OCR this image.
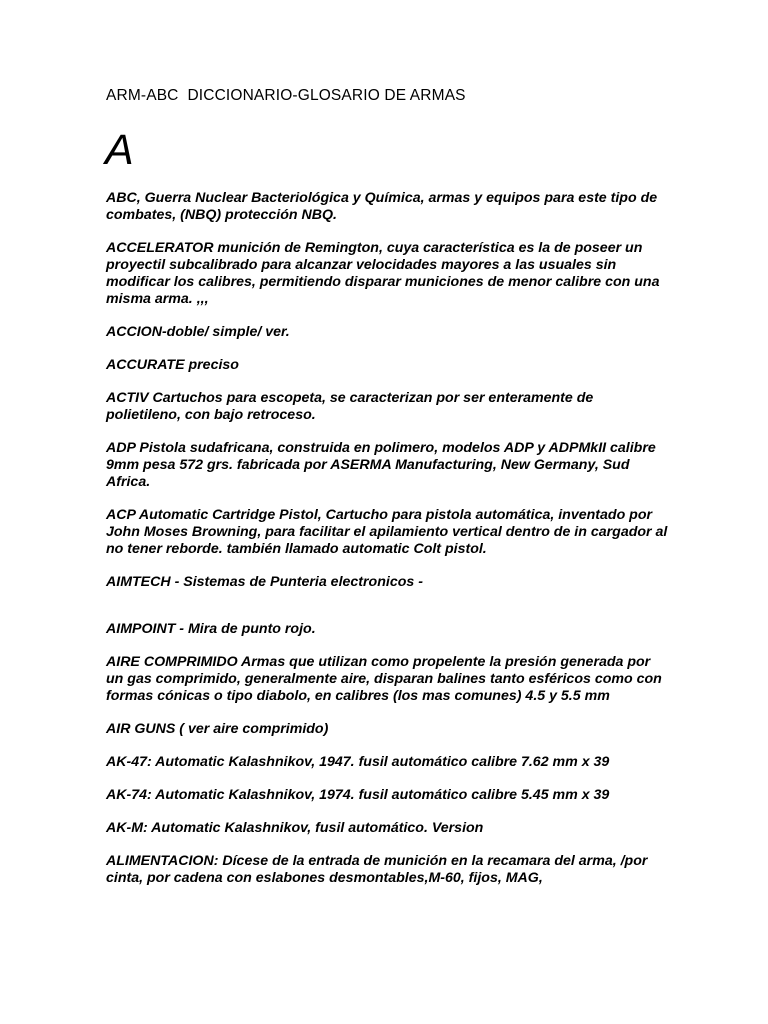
ARM-ABC  DICCIONARIO-GLOSARIO DE ARMAS
A

ABC, Guerra Nuclear Bacteriológica y Química, armas y equipos para este tipo de combates, (NBQ) protección NBQ.

ACCELERATOR munición de Remington, cuya característica es la de poseer un proyectil subcalibrado para alcanzar velocidades mayores a las usuales sin modificar los calibres, permitiendo disparar municiones de menor calibre con una misma arma. ,,,

ACCION-doble/ simple/ ver.

ACCURATE preciso

ACTIV Cartuchos para escopeta, se caracterizan por ser enteramente de polietileno, con bajo retroceso.

ADP Pistola sudafricana, construida en polimero, modelos ADP y ADPMkII calibre 9mm pesa 572 grs. fabricada por ASERMA Manufacturing, New Germany, Sud Africa.

ACP Automatic Cartridge Pistol, Cartucho para pistola automática, inventado por John Moses Browning, para facilitar el apilamiento vertical dentro de in cargador al no tener reborde. también llamado automatic Colt pistol.

AIMTECH - Sistemas de Punteria electronicos -

AIMPOINT - Mira de punto rojo.

AIRE COMPRIMIDO Armas que utilizan como propelente la presión generada por un gas comprimido, generalmente aire, disparan balines tanto esféricos como con formas cónicas o tipo diabolo, en calibres (los mas comunes) 4.5 y 5.5 mm

AIR GUNS ( ver aire comprimido)

AK-47: Automatic Kalashnikov, 1947. fusil automático calibre 7.62 mm x 39

AK-74: Automatic Kalashnikov, 1974. fusil automático calibre 5.45 mm x 39

AK-M: Automatic Kalashnikov, fusil automático. Version

ALIMENTACION: Dícese de la entrada de munición en la recamara del arma, /por cinta, por cadena con eslabones desmontables,M-60, fijos, MAG,
